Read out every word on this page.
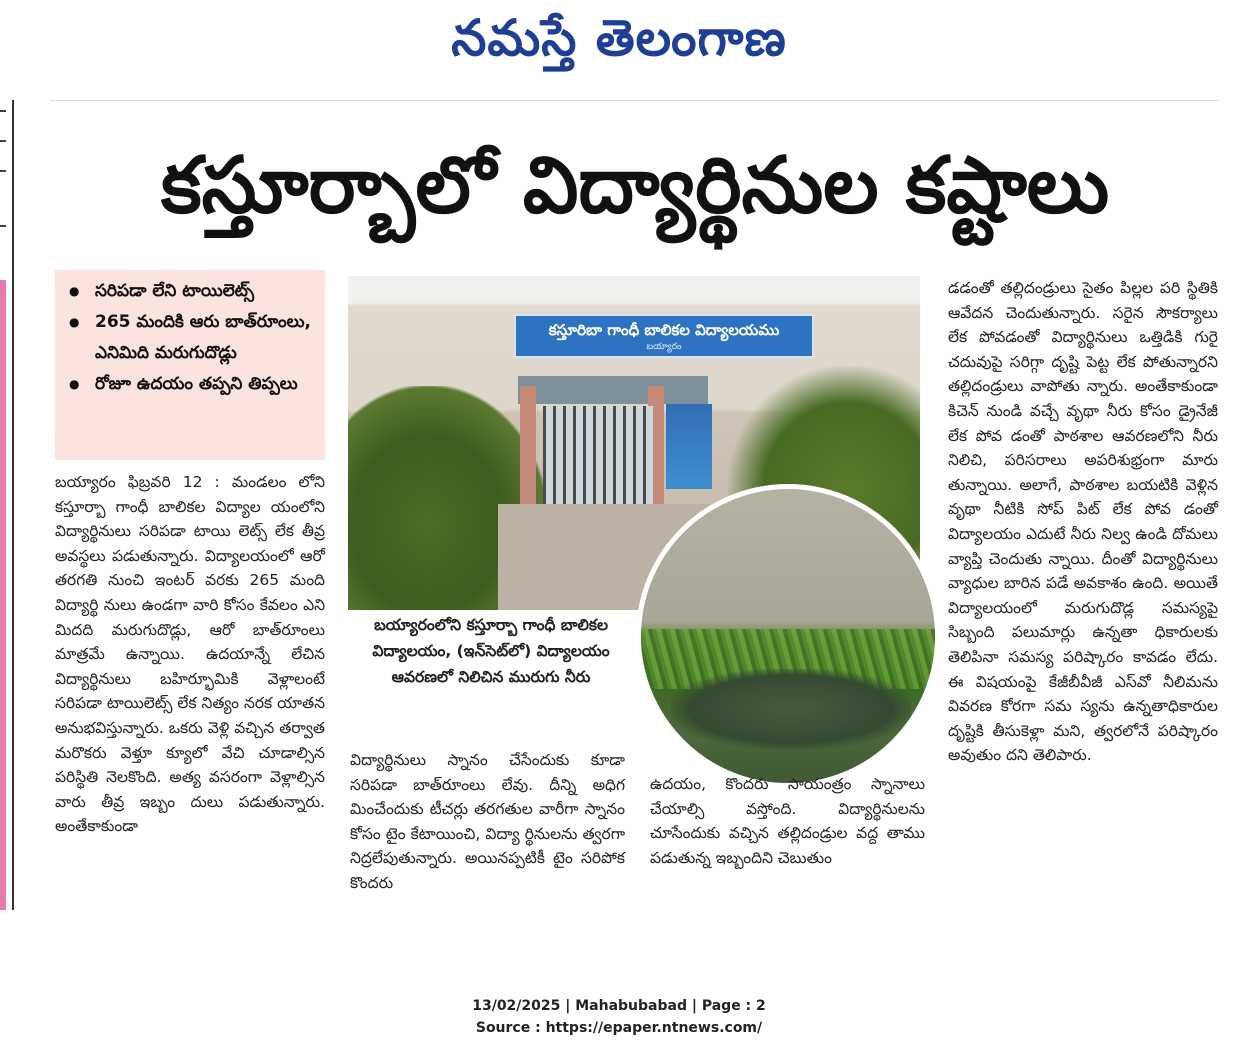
నమస్తే తెలంగాణ
కస్తూర్బాలో విద్యార్థినుల కష్టాలు
● సరిపడా లేని టాయిలెట్స్
● 265 మందికి ఆరు బాత్‌రూంలు, ఎనిమిది మరుగుదొడ్లు
● రోజూ ఉదయం తప్పని తిప్పలు

బయ్యారం ఫిబ్రవరి 12 : మండలం లోని కస్తూర్బా గాంధీ బాలికల విద్యాల యంలోని విద్యార్థినులు సరిపడా టాయి లెట్స్ లేక తీవ్ర అవస్థలు పడుతున్నారు. విద్యాలయంలో ఆరో తరగతి నుంచి ఇంటర్ వరకు 265 మంది విద్యార్థి నులు ఉండగా వారి కోసం కేవలం ఎని మిదది మరుగుదొడ్లు, ఆరో బాత్‌రూంలు మాత్రమే ఉన్నాయి. ఉదయాన్నే లేచిన విద్యార్థినులు బహిర్భూమికి వెళ్లాలంటే సరిపడా టాయిలెట్స్ లేక నిత్యం నరక యాతన అనుభవిస్తున్నారు. ఒకరు వెళ్లి వచ్చిన తర్వాత మరొకరు వెళ్తూ క్యూలో వేచి చూడాల్సిన పరిస్థితి నెలకొంది. అత్య వసరంగా వెళ్లాల్సిన వారు తీవ్ర ఇబ్బం దులు పడుతున్నారు. అంతేకాకుండా

కస్తూరిబా గాంధీ బాలికల విద్యాలయము
బయ్యారం
బయ్యారంలోని కస్తూర్బా గాంధీ బాలికల విద్యాలయం, (ఇన్‌సెట్‌లో) విద్యాలయం ఆవరణలో నిలిచిన మురుగు నీరు

విద్యార్థినులు స్నానం చేసేందుకు కూడా సరిపడా బాత్‌రూంలు లేవు. దీన్ని అధిగ మించేందుకు టీచర్లు తరగతుల వారీగా స్నానం కోసం టైం కేటాయించి, విద్యా ర్థినులను త్వరగా నిద్రలేపుతున్నారు. అయినప్పటికీ టైం సరిపోక కొందరు

ఉదయం, కొందరు సాయంత్రం స్నానాలు చేయాల్సి వస్తోంది. విద్యార్థినులను చూసేందుకు వచ్చిన తల్లిదండ్రుల వద్ద తాము పడుతున్న ఇబ్బందిని చెబుతుం

డడంతో తల్లిదండ్రులు సైతం పిల్లల పరి స్థితికి ఆవేదన చెందుతున్నారు. సరైన సౌకర్యాలు లేక పోవడంతో విద్యార్థినులు ఒత్తిడికి గురై చదువుపై సరిగ్గా దృష్టి పెట్ట లేక పోతున్నారని తల్లిదండ్రులు వాపోతు న్నారు. అంతేకాకుండా కిచెన్ నుండి వచ్చే వృథా నీరు కోసం డ్రైనేజీ లేక పోవ డంతో పాఠశాల ఆవరణలోని నీరు నిలిచి, పరిసరాలు అపరిశుభ్రంగా మారు తున్నాయి. అలాగే, పాఠశాల బయటికి వెళ్లిన వృథా నీటికి సోప్ పిట్ లేక పోవ డంతో విద్యాలయం ఎదుటే నీరు నిల్వ ఉండి దోమలు వ్యాప్తి చెందుతు న్నాయి. దీంతో విద్యార్థినులు వ్యాధుల బారిన పడే అవకాశం ఉంది. అయితే విద్యాలయంలో మరుగుదొడ్ల సమస్యపై సిబ్బంది పలుమార్లు ఉన్నతా ధికారులకు తెలిపినా సమస్య పరిష్కారం కావడం లేదు. ఈ విషయంపై కేజీబీవీజీ ఎస్‌వో నీలిమను వివరణ కోరగా సమ స్యను ఉన్నతాధికారుల దృష్టికి తీసుకెళ్లా మని, త్వరలోనే పరిష్కారం అవుతుం దని తెలిపారు.

13/02/2025 | Mahabubabad | Page : 2
Source : https://epaper.ntnews.com/
